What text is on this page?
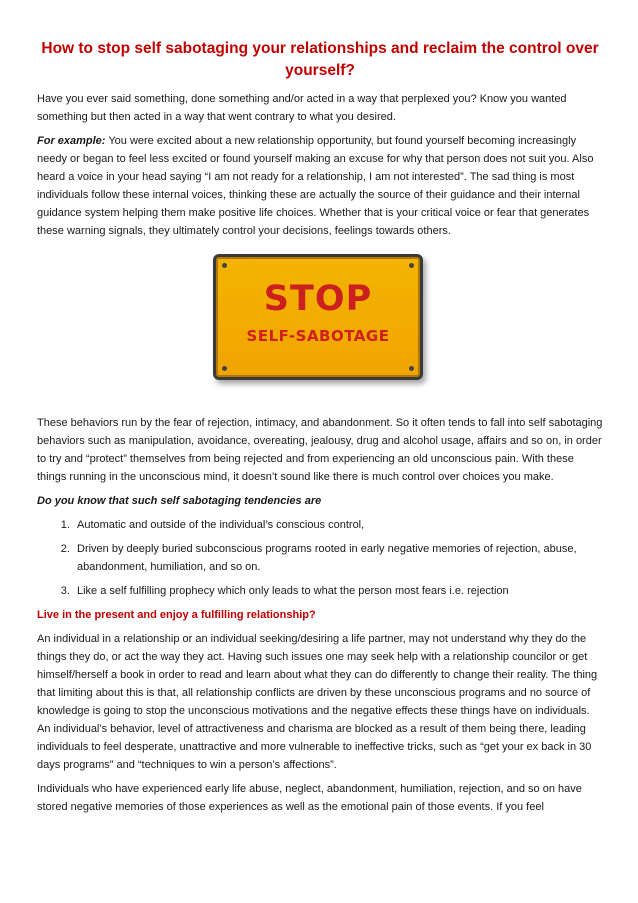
How to stop self sabotaging your relationships and reclaim the control over yourself?

Have you ever said something, done something and/or acted in a way that perplexed you? Know you wanted something but then acted in a way that went contrary to what you desired.

For example: You were excited about a new relationship opportunity, but found yourself becoming increasingly needy or began to feel less excited or found yourself making an excuse for why that person does not suit you. Also heard a voice in your head saying “I am not ready for a relationship, I am not interested”. The sad thing is most individuals follow these internal voices, thinking these are actually the source of their guidance and their internal guidance system helping them make positive life choices. Whether that is your critical voice or fear that generates these warning signals, they ultimately control your decisions, feelings towards others.

STOP
SELF-SABOTAGE

These behaviors run by the fear of rejection, intimacy, and abandonment. So it often tends to fall into self sabotaging behaviors such as manipulation, avoidance, overeating, jealousy, drug and alcohol usage, affairs and so on, in order to try and “protect” themselves from being rejected and from experiencing an old unconscious pain. With these things running in the unconscious mind, it doesn’t sound like there is much control over choices you make.

Do you know that such self sabotaging tendencies are

1. Automatic and outside of the individual’s conscious control,
2. Driven by deeply buried subconscious programs rooted in early negative memories of rejection, abuse, abandonment, humiliation, and so on.
3. Like a self fulfilling prophecy which only leads to what the person most fears i.e. rejection

Live in the present and enjoy a fulfilling relationship?

An individual in a relationship or an individual seeking/desiring a life partner, may not understand why they do the things they do, or act the way they act. Having such issues one may seek help with a relationship councilor or get himself/herself a book in order to read and learn about what they can do differently to change their reality. The thing that limiting about this is that, all relationship conflicts are driven by these unconscious programs and no source of knowledge is going to stop the unconscious motivations and the negative effects these things have on individuals. An individual’s behavior, level of attractiveness and charisma are blocked as a result of them being there, leading individuals to feel desperate, unattractive and more vulnerable to ineffective tricks, such as “get your ex back in 30 days programs” and “techniques to win a person’s affections”.

Individuals who have experienced early life abuse, neglect, abandonment, humiliation, rejection, and so on have stored negative memories of those experiences as well as the emotional pain of those events. If you feel
